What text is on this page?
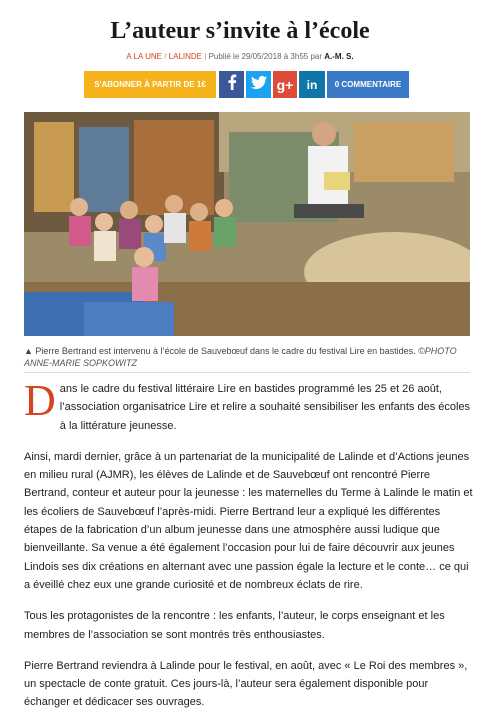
L’auteur s’invite à l’école
A LA UNE / LALINDE | Publié le 29/05/2018 à 3h55 par A.-M. S.
S'ABONNER À PARTIR DE 1€	g+	in	0 COMMENTAIRE
▲ Pierre Bertrand est intervenu à l’école de Sauvebœuf dans le cadre du festival Lire en bastides. ©PHOTO ANNE-MARIE SOPKOWITZ

Dans le cadre du festival littéraire Lire en bastides programmé les 25 et 26 août, l’association organisatrice Lire et relire a souhaité sensibiliser les enfants des écoles à la littérature jeunesse.

Ainsi, mardi dernier, grâce à un partenariat de la municipalité de Lalinde et d’Actions jeunes en milieu rural (AJMR), les élèves de Lalinde et de Sauvebœuf ont rencontré Pierre Bertrand, conteur et auteur pour la jeunesse : les maternelles du Terme à Lalinde le matin et les écoliers de Sauvebœuf l’après-midi. Pierre Bertrand leur a expliqué les différentes étapes de la fabrication d’un album jeunesse dans une atmosphère aussi ludique que bienveillante. Sa venue a été également l’occasion pour lui de faire découvrir aux jeunes Lindois ses dix créations en alternant avec une passion égale la lecture et le conte… ce qui a éveillé chez eux une grande curiosité et de nombreux éclats de rire.

Tous les protagonistes de la rencontre : les enfants, l’auteur, le corps enseignant et les membres de l’association se sont montrés très enthousiastes.

Pierre Bertrand reviendra à Lalinde pour le festival, en août, avec « Le Roi des membres », un spectacle de conte gratuit. Ces jours-là, l’auteur sera également disponible pour échanger et dédicacer ses ouvrages.
